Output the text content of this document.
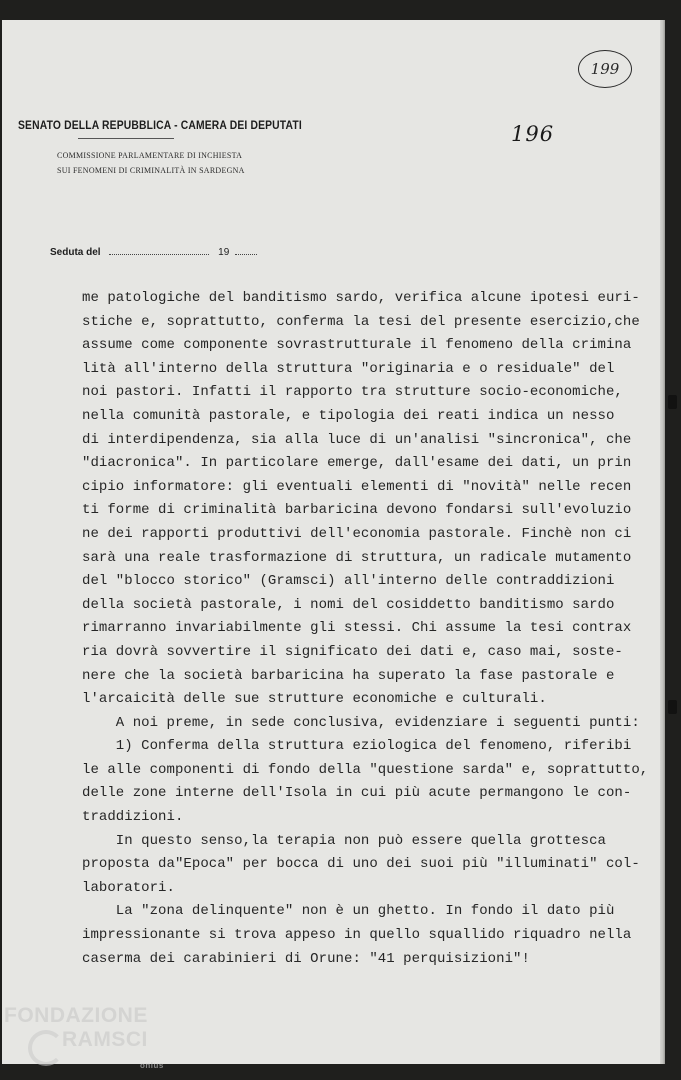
199
SENATO DELLA REPUBBLICA - CAMERA DEI DEPUTATI
COMMISSIONE PARLAMENTARE DI INCHIESTA
SUI FENOMENI DI CRIMINALITÀ IN SARDEGNA
196
Seduta del	19
me patologiche del banditismo sardo, verifica alcune ipotesi euri-
stiche e, soprattutto, conferma la tesi del presente esercizio,che
assume come componente sovrastrutturale il fenomeno della crimina
lità all'interno della struttura "originaria e o residuale" del
noi pastori. Infatti il rapporto tra strutture socio-economiche,
nella comunità pastorale, e tipologia dei reati indica un nesso
di interdipendenza, sia alla luce di un'analisi "sincronica", che
"diacronica". In particolare emerge, dall'esame dei dati, un prin
cipio informatore: gli eventuali elementi di "novità" nelle recen
ti forme di criminalità barbaricina devono fondarsi sull'evoluzio
ne dei rapporti produttivi dell'economia pastorale. Finchè non ci
sarà una reale trasformazione di struttura, un radicale mutamento
del "blocco storico" (Gramsci) all'interno delle contraddizioni
della società pastorale, i nomi del cosiddetto banditismo sardo
rimarranno invariabilmente gli stessi. Chi assume la tesi contrax
ria dovrà sovvertire il significato dei dati e, caso mai, soste-
nere che la società barbaricina ha superato la fase pastorale e
l'arcaicità delle sue strutture economiche e culturali.
A noi preme, in sede conclusiva, evidenziare i seguenti punti:
1) Conferma della struttura eziologica del fenomeno, riferibi
le alle componenti di fondo della "questione sarda" e, soprattutto,
delle zone interne dell'Isola in cui più acute permangono le con-
traddizioni.
In questo senso,la terapia non può essere quella grottesca
proposta da"Epoca" per bocca di uno dei suoi più "illuminati" col-
laboratori.
La "zona delinquente" non è un ghetto. In fondo il dato più
impressionante si trova appeso in quello squallido riquadro nella
caserma dei carabinieri di Orune: "41 perquisizioni"!
FONDAZIONE
RAMSCI
onlus
